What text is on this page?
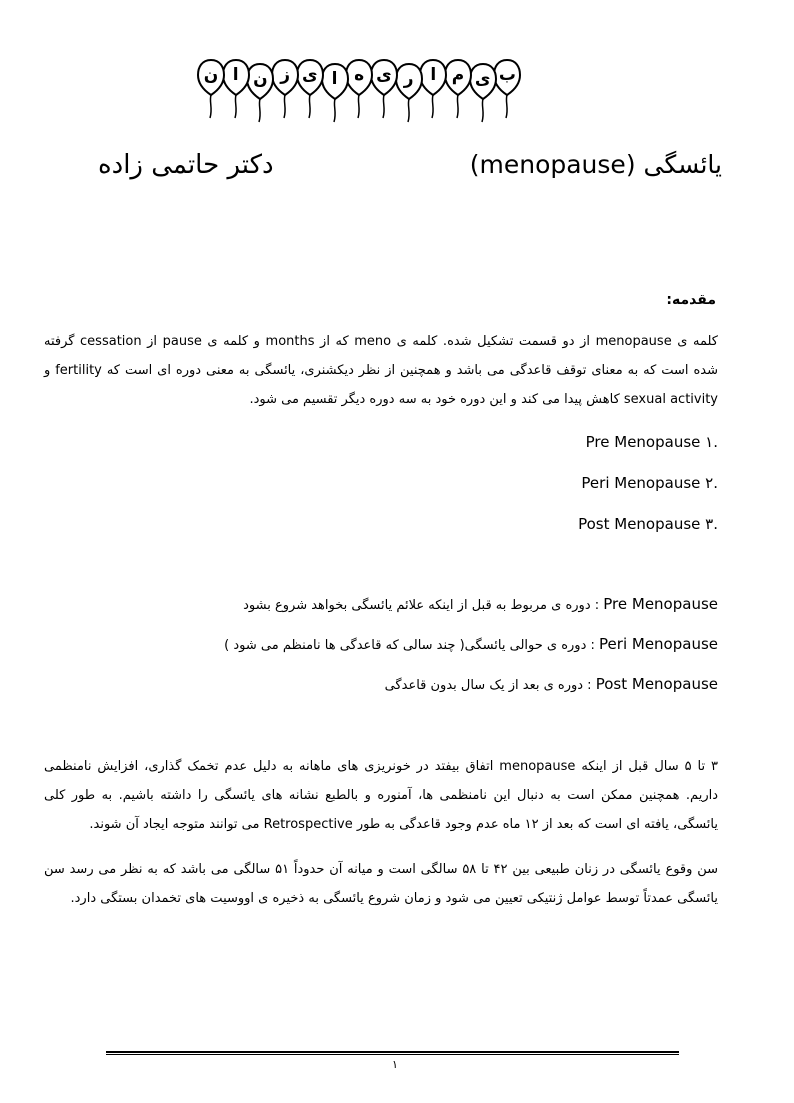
ب
ی
م
ا
ر
ی
ه
ا
ی
ز
ن
ا
ن
یائسگی (menopause)
دکتر حاتمی زاده
مقدمه:
کلمه ی menopause از دو قسمت تشکیل شده. کلمه ی meno که از months و کلمه ی pause از cessation گرفته شده است که به معنای توقف قاعدگی می باشد و همچنین از نظر دیکشنری، یائسگی به معنی دوره ای است که fertility و sexual activity کاهش پیدا می کند و این دوره خود به سه دوره دیگر تقسیم می شود.
.۱ Pre Menopause
.۲ Peri Menopause
.۳ Post Menopause
Pre Menopause : دوره ی مربوط به قبل از اینکه علائم یائسگی بخواهد شروع بشود
Peri Menopause : دوره ی حوالی یائسگی( چند سالی که قاعدگی ها نامنظم می شود )
Post Menopause : دوره ی بعد از یک سال بدون قاعدگی
۳ تا ۵ سال قبل از اینکه menopause اتفاق بیفتد در خونریزی های ماهانه به دلیل عدم تخمک گذاری، افزایش نامنظمی داریم. همچنین ممکن است به دنبال این نامنظمی ها، آمنوره و بالطبع نشانه های یائسگی را داشته باشیم. به طور کلی یائسگی، یافته ای است که بعد از ۱۲ ماه عدم وجود قاعدگی به طور Retrospective می توانند متوجه ایجاد آن شوند.
سن وقوع یائسگی در زنان طبیعی بین ۴۲ تا ۵۸ سالگی است و میانه آن حدوداً ۵۱ سالگی می باشد که به نظر می رسد سن یائسگی عمدتاً توسط عوامل ژنتیکی تعیین می شود و زمان شروع یائسگی به ذخیره ی اووسیت های تخمدان بستگی دارد.
۱
